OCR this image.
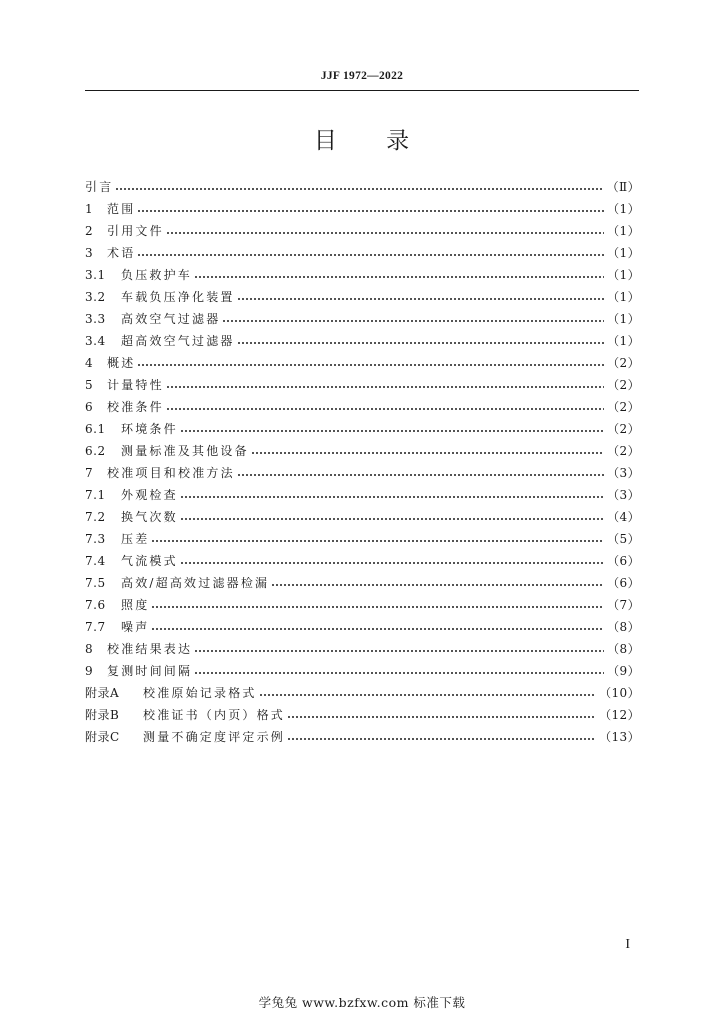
JJF 1972—2022
目 录
引言	（Ⅱ）
1	范围	（1）
2	引用文件	（1）
3	术语	（1）
3.1	负压救护车	（1）
3.2	车载负压净化装置	（1）
3.3	高效空气过滤器	（1）
3.4	超高效空气过滤器	（1）
4	概述	（2）
5	计量特性	（2）
6	校准条件	（2）
6.1	环境条件	（2）
6.2	测量标准及其他设备	（2）
7	校准项目和校准方法	（3）
7.1	外观检查	（3）
7.2	换气次数	（4）
7.3	压差	（5）
7.4	气流模式	（6）
7.5	高效/超高效过滤器检漏	（6）
7.6	照度	（7）
7.7	噪声	（8）
8	校准结果表达	（8）
9	复测时间间隔	（9）
附录A	校准原始记录格式	（10）
附录B	校准证书（内页）格式	（12）
附录C	测量不确定度评定示例	（13）
I
学兔兔 www.bzfxw.com 标准下载
